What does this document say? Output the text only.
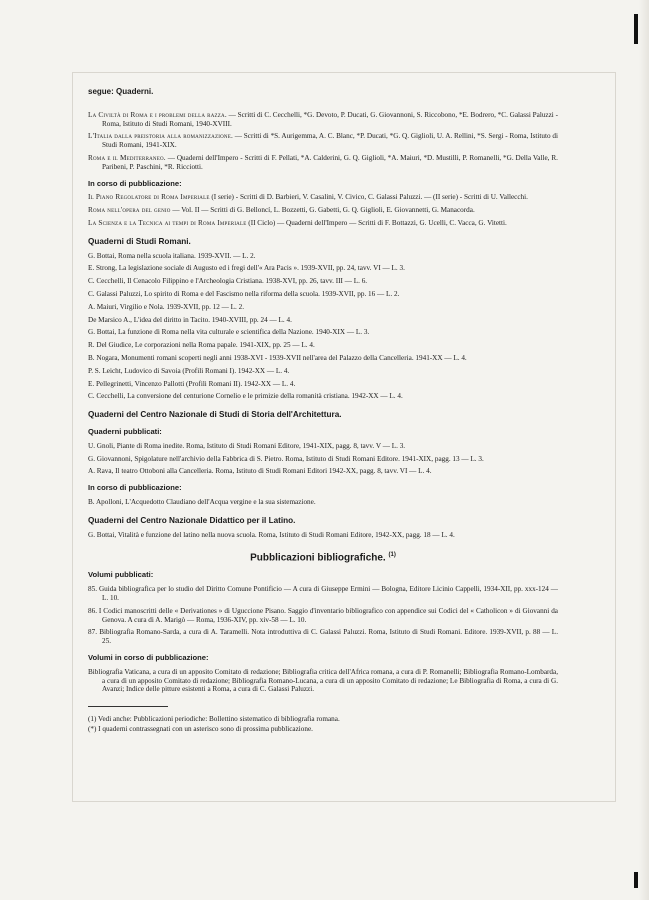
segue: Quaderni.
La Civiltà di Roma e i problemi della razza. — Scritti di C. Cecchelli, *G. Devoto, P. Ducati, G. Giovannoni, S. Riccobono, *E. Bodrero, *C. Galassi Paluzzi - Roma, Istituto di Studi Romani, 1940-XVIII.
L'Italia dalla preistoria alla romanizzazione. — Scritti di *S. Aurigemma, A. C. Blanc, *P. Ducati, *G. Q. Giglioli, U. A. Rellini, *S. Sergi - Roma, Istituto di Studi Romani, 1941-XIX.
Roma e il Mediterraneo. — Quaderni dell'Impero - Scritti di F. Pellati, *A. Calderini, G. Q. Giglioli, *A. Maiuri, *D. Mustilli, P. Romanelli, *G. Della Valle, R. Paribeni, P. Paschini, *R. Ricciotti.
In corso di pubblicazione:
Il Piano Regolatore di Roma Imperiale (I serie) - Scritti di D. Barbieri, V. Casalini, V. Civico, C. Galassi Paluzzi. — (II serie) - Scritti di U. Vallecchi.
Roma nell'opera del genio — Vol. II — Scritti di G. Belloncí, L. Bozzetti, G. Gabetti, G. Q. Giglioli, E. Giovannetti, G. Manacorda.
La Scienza e la Tecnica ai tempi di Roma Imperiale (II Ciclo) — Quaderni dell'Impero — Scritti di F. Bottazzi, G. Ucelli, C. Vacca, G. Vitetti.
Quaderni di Studi Romani.
G. Bottai, Roma nella scuola italiana. 1939-XVII. — L. 2.
E. Strong, La legislazione sociale di Augusto ed i fregi dell'« Ara Pacis ». 1939-XVII, pp. 24, tavv. VI — L. 3.
C. Cecchelli, Il Cenacolo Filippino e l'Archeologia Cristiana. 1938-XVI, pp. 26, tavv. III — L. 6.
C. Galassi Paluzzi, Lo spirito di Roma e del Fascismo nella riforma della scuola. 1939-XVII, pp. 16 — L. 2.
A. Maiuri, Virgilio e Nola. 1939-XVII, pp. 12 — L. 2.
De Marsico A., L'idea del diritto in Tacito. 1940-XVIII, pp. 24 — L. 4.
G. Bottai, La funzione di Roma nella vita culturale e scientifica della Nazione. 1940-XIX — L. 3.
R. Del Giudice, Le corporazioni nella Roma papale. 1941-XIX, pp. 25 — L. 4.
B. Nogara, Monumenti romani scoperti negli anni 1938-XVI - 1939-XVII nell'area del Palazzo della Cancelleria. 1941-XX — L. 4.
P. S. Leicht, Ludovico di Savoia (Profili Romani I). 1942-XX — L. 4.
E. Pellegrinetti, Vincenzo Pallotti (Profili Romani II). 1942-XX — L. 4.
C. Cecchelli, La conversione del centurione Cornelio e le primizie della romanità cristiana. 1942-XX — L. 4.
Quaderni del Centro Nazionale di Studi di Storia dell'Architettura.
Quaderni pubblicati:
U. Gnoli, Piante di Roma inedite. Roma, Istituto di Studi Romani Editore, 1941-XIX, pagg. 8, tavv. V — L. 3.
G. Giovannoni, Spigolature nell'archivio della Fabbrica di S. Pietro. Roma, Istituto di Studi Romani Editore. 1941-XIX, pagg. 13 — L. 3.
A. Rava, Il teatro Ottoboni alla Cancelleria. Roma, Istituto di Studi Romani Editori 1942-XX, pagg. 8, tavv. VI — L. 4.
In corso di pubblicazione:
B. Apolloni, L'Acquedotto Claudiano dell'Acqua vergine e la sua sistemazione.
Quaderni del Centro Nazionale Didattico per il Latino.
G. Bottai, Vitalità e funzione del latino nella nuova scuola. Roma, Istituto di Studi Romani Editore, 1942-XX, pagg. 18 — L. 4.
Pubblicazioni bibliografiche. $^{(1)}$
Volumi pubblicati:
85. Guida bibliografica per lo studio del Diritto Comune Pontificio — A cura di Giuseppe Ermini — Bologna, Editore Licinio Cappelli, 1934-XII, pp. xxx-124 — L. 10.
86. I Codici manoscritti delle « Derivationes » di Uguccione Pisano. Saggio d'inventario bibliografico con appendice sui Codici del « Catholicon » di Giovanni da Genova. A cura di A. Marigò — Roma, 1936-XIV, pp. xiv-58 — L. 10.
87. Bibliografia Romano-Sarda, a cura di A. Taramelli. Nota introduttiva di C. Galassi Paluzzi. Roma, Istituto di Studi Romani. Editore. 1939-XVII, p. 88 — L. 25.
Volumi in corso di pubblicazione:
Bibliografia Vaticana, a cura di un apposito Comitato di redazione; Bibliografia critica dell'Africa romana, a cura di P. Romanelli; Bibliografia Romano-Lombarda, a cura di un apposito Comitato di redazione; Bibliografia Romano-Lucana, a cura di un apposito Comitato di redazione; Le Bibliografia di Roma, a cura di G. Avanzi; Indice delle pitture esistenti a Roma, a cura di C. Galassi Paluzzi.
(1) Vedi anche: Pubblicazioni periodiche: Bollettino sistematico di bibliografia romana.
(*) I quaderni contrassegnati con un asterisco sono di prossima pubblicazione.
